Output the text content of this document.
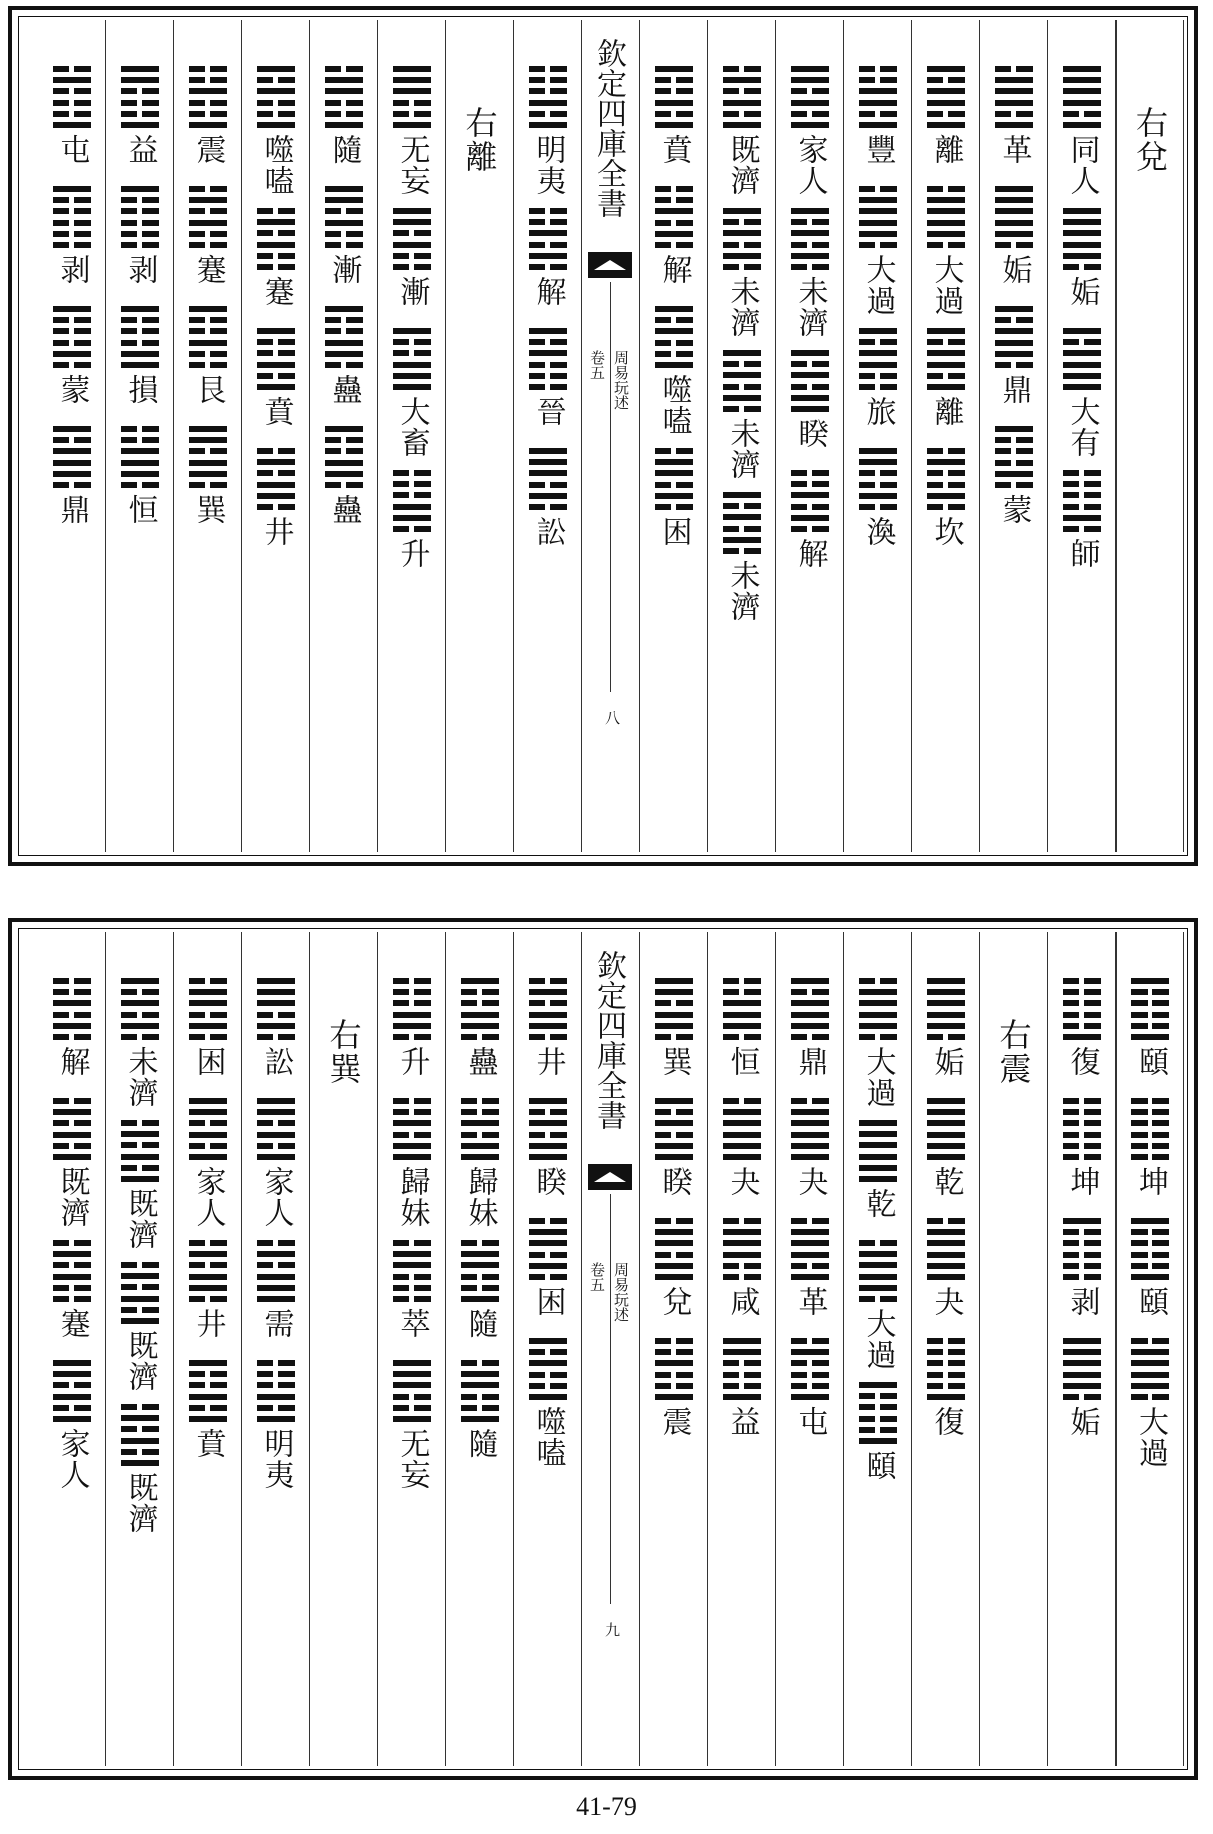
右兌
同人
姤
大有
師
革
姤
鼎
蒙
離
大過
離
坎
豐
大過
旅
渙
家人
未濟
睽
解
既濟
未濟
未濟
未濟
賁
解
噬嗑
困
欽定四庫全書
周易玩述
卷五
八
明夷
解
晉
訟
右離
无妄
漸
大畜
升
隨
漸
蠱
蠱
噬嗑
蹇
賁
井
震
蹇
艮
巽
益
剥
損
恒
屯
剥
蒙
鼎
頤
坤
頤
大過
復
坤
剥
姤
右震
姤
乾
夬
復
大過
乾
大過
頤
鼎
夬
革
屯
恒
夬
咸
益
巽
睽
兌
震
欽定四庫全書
周易玩述
卷五
九
井
睽
困
噬嗑
蠱
歸妹
隨
隨
升
歸妹
萃
无妄
右巽
訟
家人
需
明夷
困
家人
井
賁
未濟
既濟
既濟
既濟
解
既濟
蹇
家人
41-79
